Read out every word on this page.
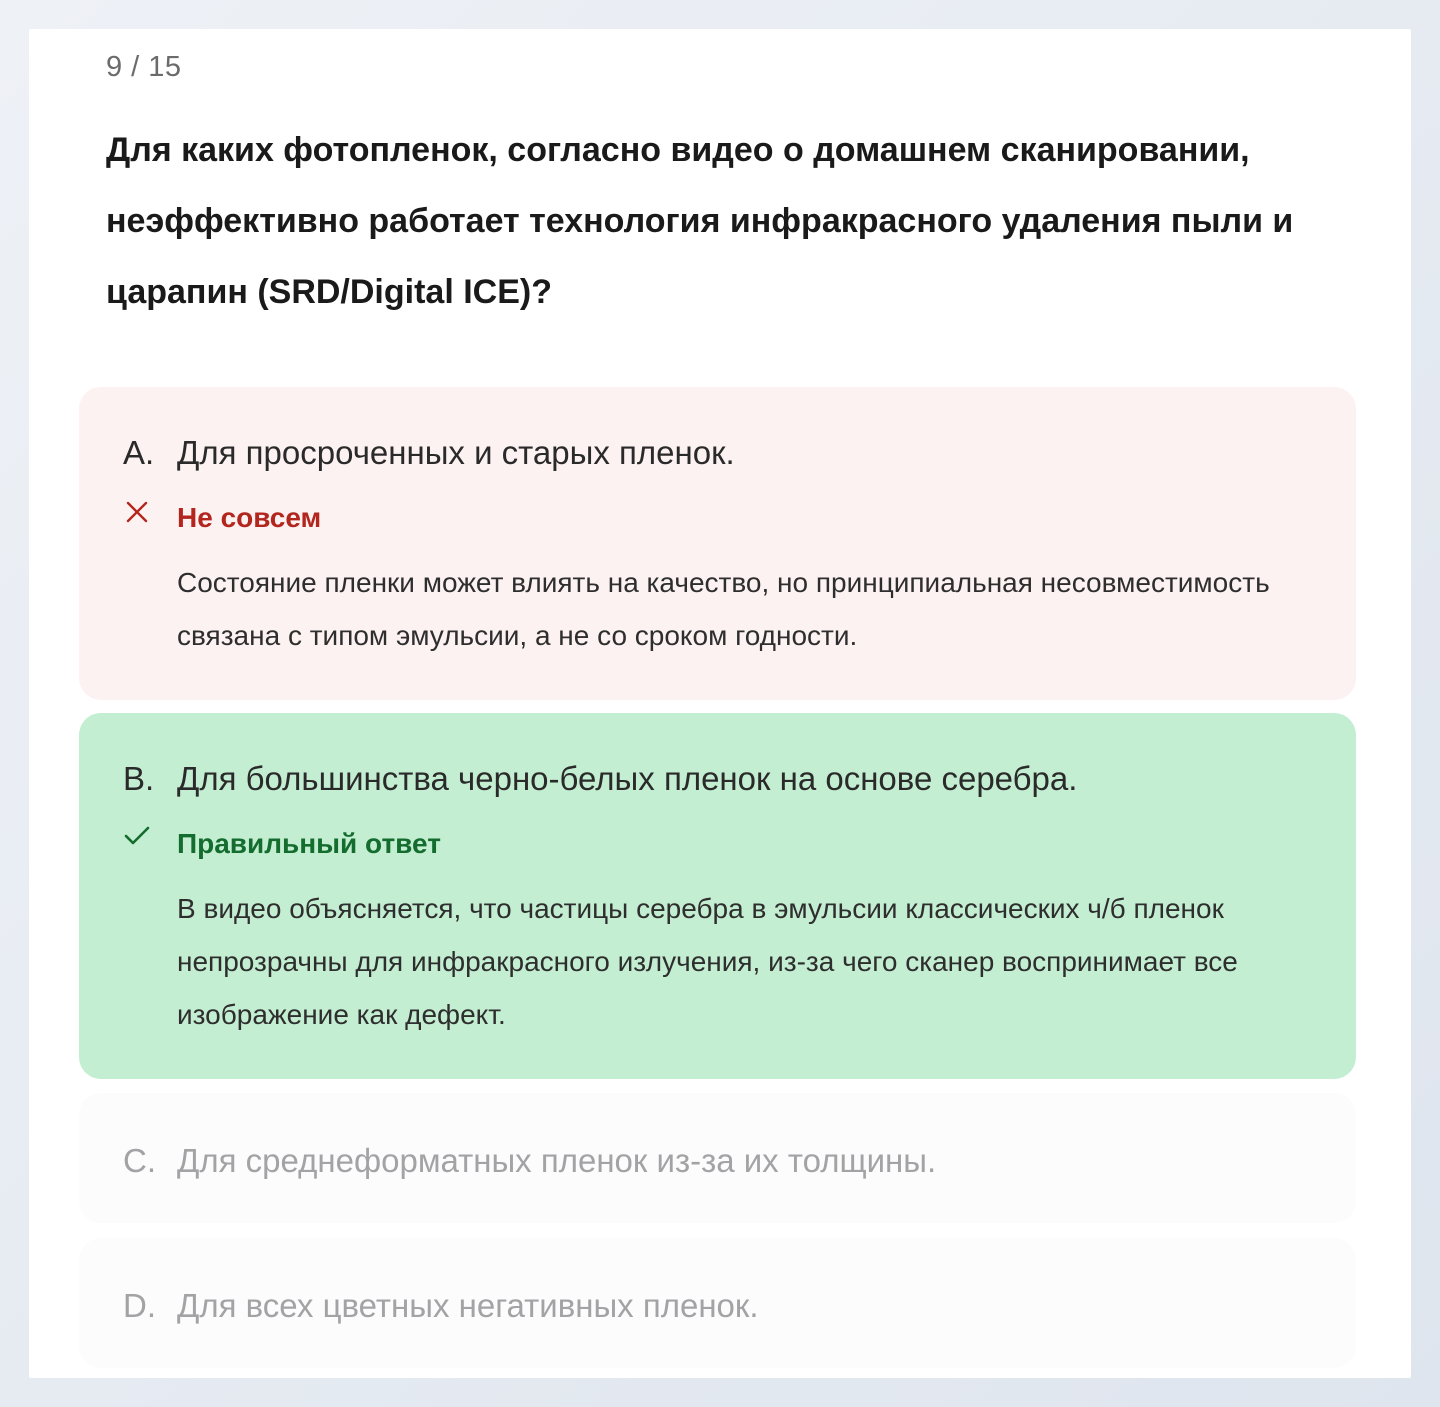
9 / 15
Для каких фотопленок, согласно видео о домашнем сканировании, неэффективно работает технология инфракрасного удаления пыли и царапин (SRD/Digital ICE)?
A. Для просроченных и старых пленок.
Не совсем
Состояние пленки может влиять на качество, но принципиальная несовместимость связана с типом эмульсии, а не со сроком годности.
B. Для большинства черно-белых пленок на основе серебра.
Правильный ответ
В видео объясняется, что частицы серебра в эмульсии классических ч/б пленок непрозрачны для инфракрасного излучения, из-за чего сканер воспринимает все изображение как дефект.
C. Для среднеформатных пленок из-за их толщины.
D. Для всех цветных негативных пленок.
